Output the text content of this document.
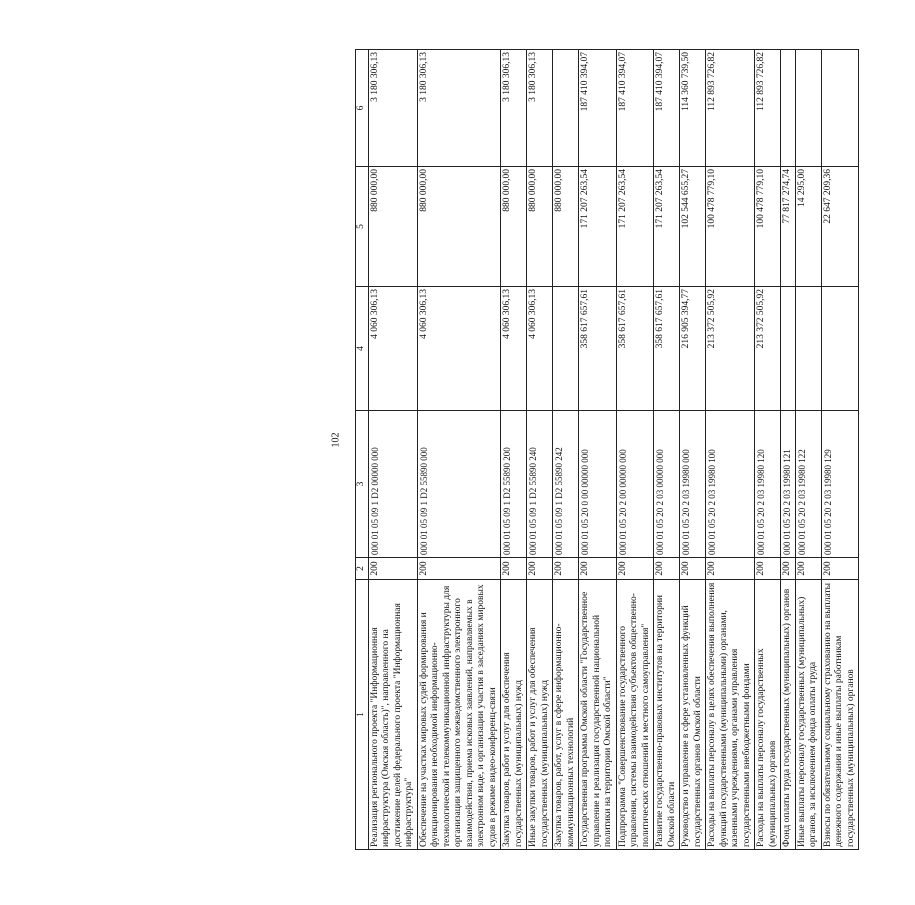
102
1	2	3	4	5	6
Реализация регионального проекта "Информационная инфраструктура (Омская область)", направленного на достижение целей федерального проекта "Информационная инфраструктура"	200	000 01 05 09 1 D2 00000 000	4 060 306,13	880 000,00	3 180 306,13
Обеспечение на участках мировых судей формирования и функционирования необходимой информационно-технологической и телекоммуникационной инфраструктуры для организации защищенного межведомственного электронного взаимодействия, приема исковых заявлений, направляемых в электронном виде, и организации участия в заседаниях мировых судов в режиме видео-конференц-связи	200	000 01 05 09 1 D2 55890 000	4 060 306,13	880 000,00	3 180 306,13
Закупка товаров, работ и услуг для обеспечения государственных (муниципальных) нужд	200	000 01 05 09 1 D2 55890 200	4 060 306,13	880 000,00	3 180 306,13
Иные закупки товаров, работ и услуг для обеспечения государственных (муниципальных) нужд	200	000 01 05 09 1 D2 55890 240	4 060 306,13	880 000,00	3 180 306,13
Закупка товаров, работ, услуг в сфере информационно-коммуникационных технологий	200	000 01 05 09 1 D2 55890 242		880 000,00	
Государственная программа Омской области "Государственное управление и реализация государственной национальной политики на территории Омской области"	200	000 01 05 20 0 00 00000 000	358 617 657,61	171 207 263,54	187 410 394,07
Подпрограмма "Совершенствование государственного управления, системы взаимодействия субъектов общественно-политических отношений и местного самоуправления"	200	000 01 05 20 2 00 00000 000	358 617 657,61	171 207 263,54	187 410 394,07
Развитие государственно-правовых институтов на территории Омской области	200	000 01 05 20 2 03 00000 000	358 617 657,61	171 207 263,54	187 410 394,07
Руководство и управление в сфере установленных функций государственных органов Омской области	200	000 01 05 20 2 03 19980 000	216 905 394,77	102 544 655,27	114 360 739,50
Расходы на выплаты персоналу в целях обеспечения выполнения функций государственными (муниципальными) органами, казенными учреждениями, органами управления государственными внебюджетными фондами	200	000 01 05 20 2 03 19980 100	213 372 505,92	100 478 779,10	112 893 726,82
Расходы на выплаты персоналу государственных (муниципальных) органов	200	000 01 05 20 2 03 19980 120	213 372 505,92	100 478 779,10	112 893 726,82
Фонд оплаты труда государственных (муниципальных) органов	200	000 01 05 20 2 03 19980 121		77 817 274,74	
Иные выплаты персоналу государственных (муниципальных) органов, за исключением фонда оплаты труда	200	000 01 05 20 2 03 19980 122		14 295,00	
Взносы по обязательному социальному страхованию на выплаты денежного содержания и иные выплаты работникам государственных (муниципальных) органов	200	000 01 05 20 2 03 19980 129		22 647 209,36	
